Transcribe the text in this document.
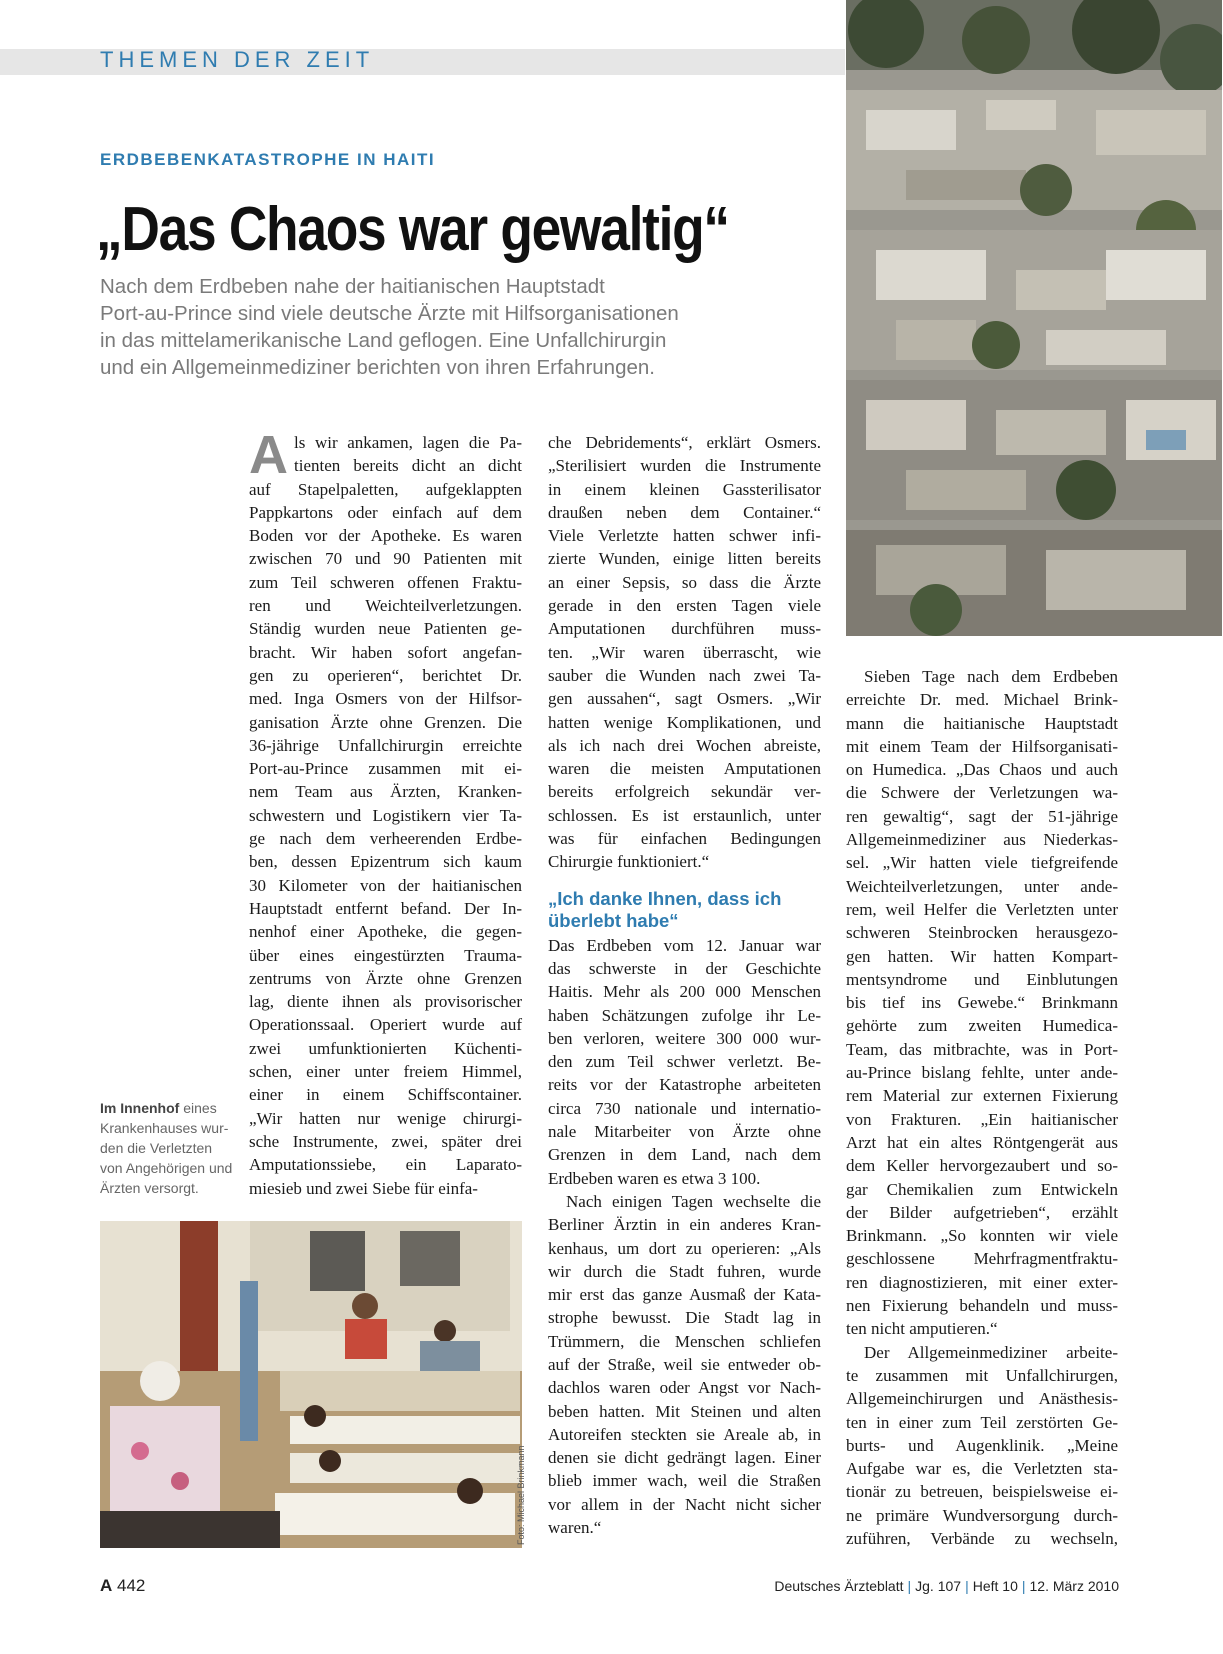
THEMEN DER ZEIT
ERDBEBENKATASTROPHE IN HAITI
„Das Chaos war gewaltig“
Nach dem Erdbeben nahe der haitianischen Hauptstadt
Port-au-Prince sind viele deutsche Ärzte mit Hilfsorganisationen
in das mittelamerikanische Land geflogen. Eine Unfallchirurgin
und ein Allgemeinmediziner berichten von ihren Erfahrungen.
A ls wir ankamen, lagen die Pa-
tienten bereits dicht an dicht
auf Stapelpaletten, aufgeklappten
Pappkartons oder einfach auf dem
Boden vor der Apotheke. Es waren
zwischen 70 und 90 Patienten mit
zum Teil schweren offenen Fraktu-
ren und Weichteilverletzungen.
Ständig wurden neue Patienten ge-
bracht. Wir haben sofort angefan-
gen zu operieren“, berichtet Dr.
med. Inga Osmers von der Hilfsor-
ganisation Ärzte ohne Grenzen. Die
36-jährige Unfallchirurgin erreichte
Port-au-Prince zusammen mit ei-
nem Team aus Ärzten, Kranken-
schwestern und Logistikern vier Ta-
ge nach dem verheerenden Erdbe-
ben, dessen Epizentrum sich kaum
30 Kilometer von der haitianischen
Hauptstadt entfernt befand. Der In-
nenhof einer Apotheke, die gegen-
über eines eingestürzten Trauma-
zentrums von Ärzte ohne Grenzen
lag, diente ihnen als provisorischer
Operationssaal. Operiert wurde auf
zwei umfunktionierten Küchenti-
schen, einer unter freiem Himmel,
einer in einem Schiffscontainer.
„Wir hatten nur wenige chirurgi-
sche Instrumente, zwei, später drei
Amputationssiebe, ein Laparato-
miesieb und zwei Siebe für einfa-
che Debridements“, erklärt Osmers.
„Sterilisiert wurden die Instrumente
in einem kleinen Gassterilisator
draußen neben dem Container.“
Viele Verletzte hatten schwer infi-
zierte Wunden, einige litten bereits
an einer Sepsis, so dass die Ärzte
gerade in den ersten Tagen viele
Amputationen durchführen muss-
ten. „Wir waren überrascht, wie
sauber die Wunden nach zwei Ta-
gen aussahen“, sagt Osmers. „Wir
hatten wenige Komplikationen, und
als ich nach drei Wochen abreiste,
waren die meisten Amputationen
bereits erfolgreich sekundär ver-
schlossen. Es ist erstaunlich, unter
was für einfachen Bedingungen
Chirurgie funktioniert.“
„Ich danke Ihnen, dass ich
überlebt habe“
Das Erdbeben vom 12. Januar war
das schwerste in der Geschichte
Haitis. Mehr als 200 000 Menschen
haben Schätzungen zufolge ihr Le-
ben verloren, weitere 300 000 wur-
den zum Teil schwer verletzt. Be-
reits vor der Katastrophe arbeiteten
circa 730 nationale und internatio-
nale Mitarbeiter von Ärzte ohne
Grenzen in dem Land, nach dem
Erdbeben waren es etwa 3 100.
Nach einigen Tagen wechselte die
Berliner Ärztin in ein anderes Kran-
kenhaus, um dort zu operieren: „Als
wir durch die Stadt fuhren, wurde
mir erst das ganze Ausmaß der Kata-
strophe bewusst. Die Stadt lag in
Trümmern, die Menschen schliefen
auf der Straße, weil sie entweder ob-
dachlos waren oder Angst vor Nach-
beben hatten. Mit Steinen und alten
Autoreifen steckten sie Areale ab, in
denen sie dicht gedrängt lagen. Einer
blieb immer wach, weil die Straßen
vor allem in der Nacht nicht sicher
waren.“
Sieben Tage nach dem Erdbeben
erreichte Dr. med. Michael Brink-
mann die haitianische Hauptstadt
mit einem Team der Hilfsorganisati-
on Humedica. „Das Chaos und auch
die Schwere der Verletzungen wa-
ren gewaltig“, sagt der 51-jährige
Allgemeinmediziner aus Niederkas-
sel. „Wir hatten viele tiefgreifende
Weichteilverletzungen, unter ande-
rem, weil Helfer die Verletzten unter
schweren Steinbrocken herausgezo-
gen hatten. Wir hatten Kompart-
mentsyndrome und Einblutungen
bis tief ins Gewebe.“ Brinkmann
gehörte zum zweiten Humedica-
Team, das mitbrachte, was in Port-
au-Prince bislang fehlte, unter ande-
rem Material zur externen Fixierung
von Frakturen. „Ein haitianischer
Arzt hat ein altes Röntgengerät aus
dem Keller hervorgezaubert und so-
gar Chemikalien zum Entwickeln
der Bilder aufgetrieben“, erzählt
Brinkmann. „So konnten wir viele
geschlossene Mehrfragmentfraktu-
ren diagnostizieren, mit einer exter-
nen Fixierung behandeln und muss-
ten nicht amputieren.“
Der Allgemeinmediziner arbeite-
te zusammen mit Unfallchirurgen,
Allgemeinchirurgen und Anästhesis-
ten in einer zum Teil zerstörten Ge-
burts- und Augenklinik. „Meine
Aufgabe war es, die Verletzten sta-
tionär zu betreuen, beispielsweise ei-
ne primäre Wundversorgung durch-
zuführen, Verbände zu wechseln,
Im Innenhof eines
Krankenhauses wur-
den die Verletzten
von Angehörigen und
Ärzten versorgt.
Foto: Michael Brinkmann
A 442	Deutsches Ärzteblatt | Jg. 107 | Heft 10 | 12. März 2010
